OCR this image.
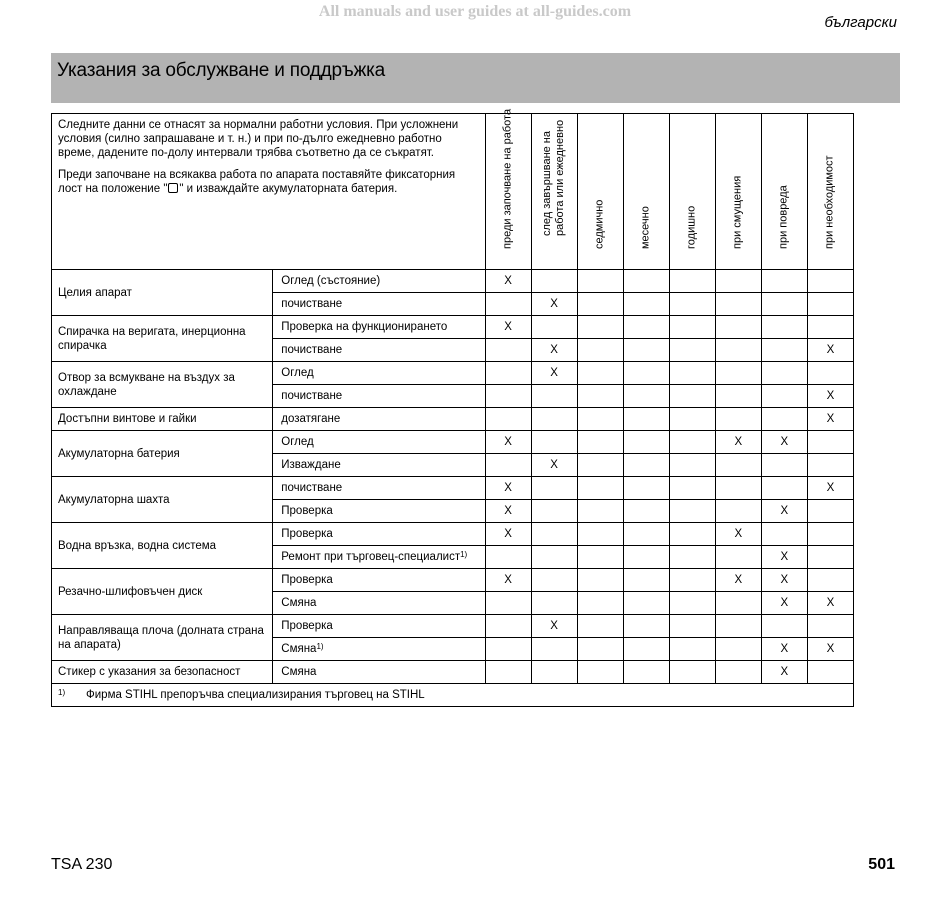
All manuals and user guides at all-guides.com
български
Указания за обслужване и поддръжка

Следните данни се отнасят за нормални работни условия. При усложнени условия (силно запрашаване и т. н.) и при по-дълго ежедневно работно време, дадените по-долу интервали трябва съответно да се съкратят.

Преди започване на всякаква работа по апарата поставяйте фиксаторния лост на положение " " и изваждайте акумулаторната батерия.		преди започване на работа	след завършване на работа или ежедневно	седмично	месечно	годишно	при смущения	при повреда	при необходимост

Целия апарат	Оглед (състояние)	X							
	почистване		X						
Спирачка на веригата, инерционна спирачка	Проверка на функционирането	X							
	почистване		X						X
Отвор за всмукване на въздух за охлаждане	Оглед		X						
	почистване								X
Достъпни винтове и гайки	дозатягане								X
Акумулаторна батерия	Оглед	X					X	X	
	Изваждане		X						
Акумулаторна шахта	почистване	X							X
	Проверка	X						X	
Водна връзка, водна система	Проверка	X					X		
	Ремонт при търговец-специалист$^{1)}$							X	
Резачно-шлифовъчен диск	Проверка	X					X	X	
	Смяна							X	X
Направляваща плоча (долната страна на апарата)	Проверка		X						
	Смяна$^{1)}$							X	X
Стикер с указания за безопасност	Смяна							X	
$^{1)}$ Фирма STIHL препоръчва специализирания търговец на STIHL									
TSA 230	501
